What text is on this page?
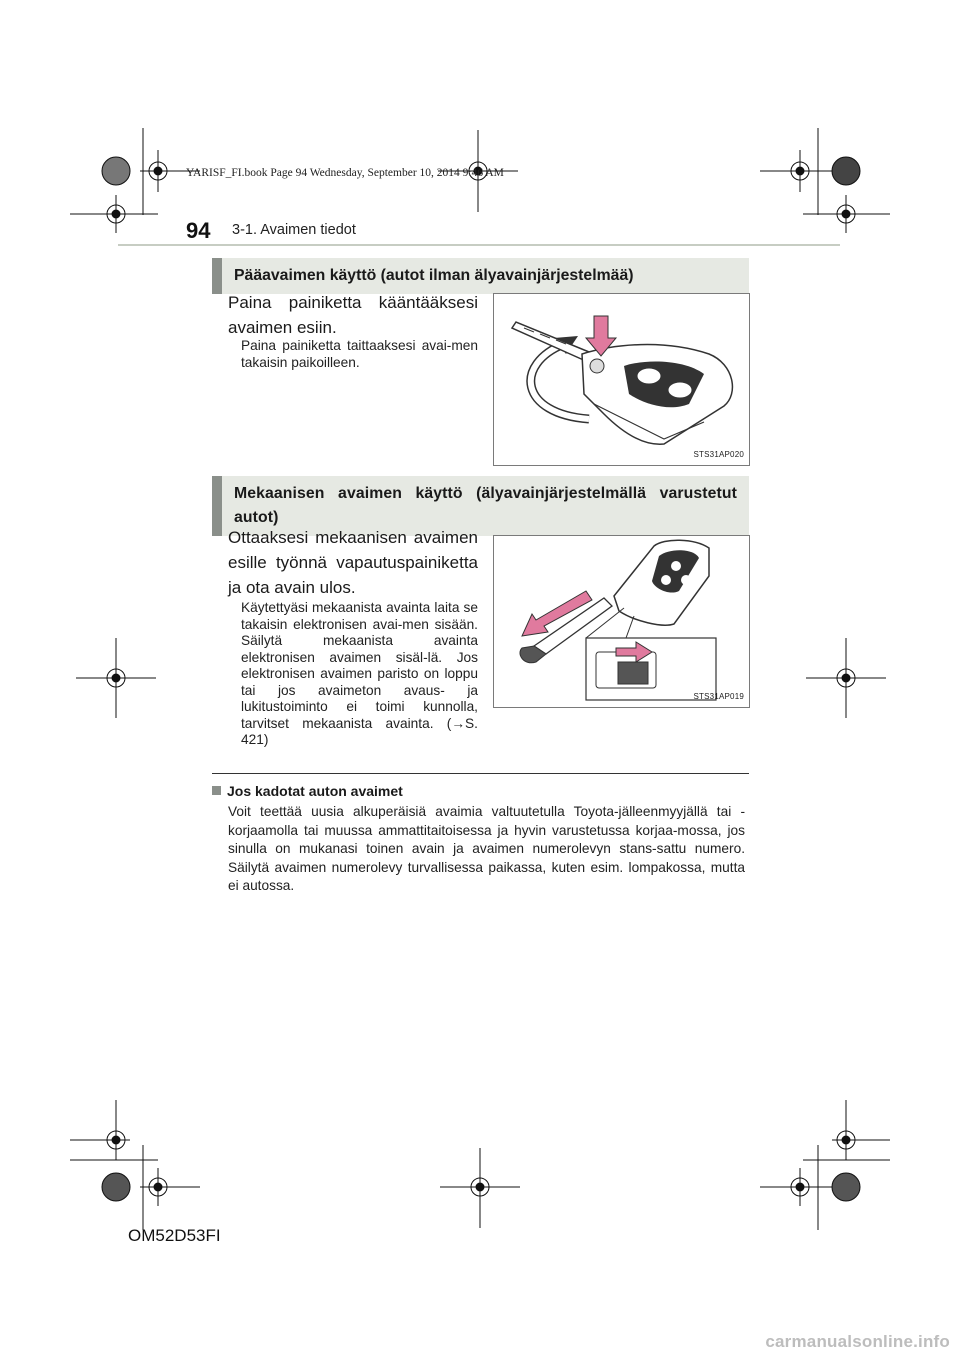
YARISF_FI.book Page 94 Wednesday, September 10, 2014 9:46 AM
94 3-1. Avaimen tiedot
Pääavaimen käyttö (autot ilman älyavainjärjestelmää)
Paina painiketta kääntääksesi avaimen esiin.
Paina painiketta taittaaksesi avai-men takaisin paikoilleen.
STS31AP020
Mekaanisen avaimen käyttö (älyavainjärjestelmällä varustetut autot)
Ottaaksesi mekaanisen avaimen esille työnnä vapautuspainiketta ja ota avain ulos.
Käytettyäsi mekaanista avainta laita se takaisin elektronisen avai-men sisään. Säilytä mekaanista avainta elektronisen avaimen sisäl-lä. Jos elektronisen avaimen paristo on loppu tai jos avaimeton avaus- ja lukitustoiminto ei toimi kunnolla, tarvitset mekaanista avainta. (→S. 421)
STS31AP019
Jos kadotat auton avaimet
Voit teettää uusia alkuperäisiä avaimia valtuutetulla Toyota-jälleenmyyjällä tai -korjaamolla tai muussa ammattitaitoisessa ja hyvin varustetussa korjaa-mossa, jos sinulla on mukanasi toinen avain ja avaimen numerolevyn stans-sattu numero. Säilytä avaimen numerolevy turvallisessa paikassa, kuten esim. lompakossa, mutta ei autossa.
OM52D53FI
carmanualsonline.info
